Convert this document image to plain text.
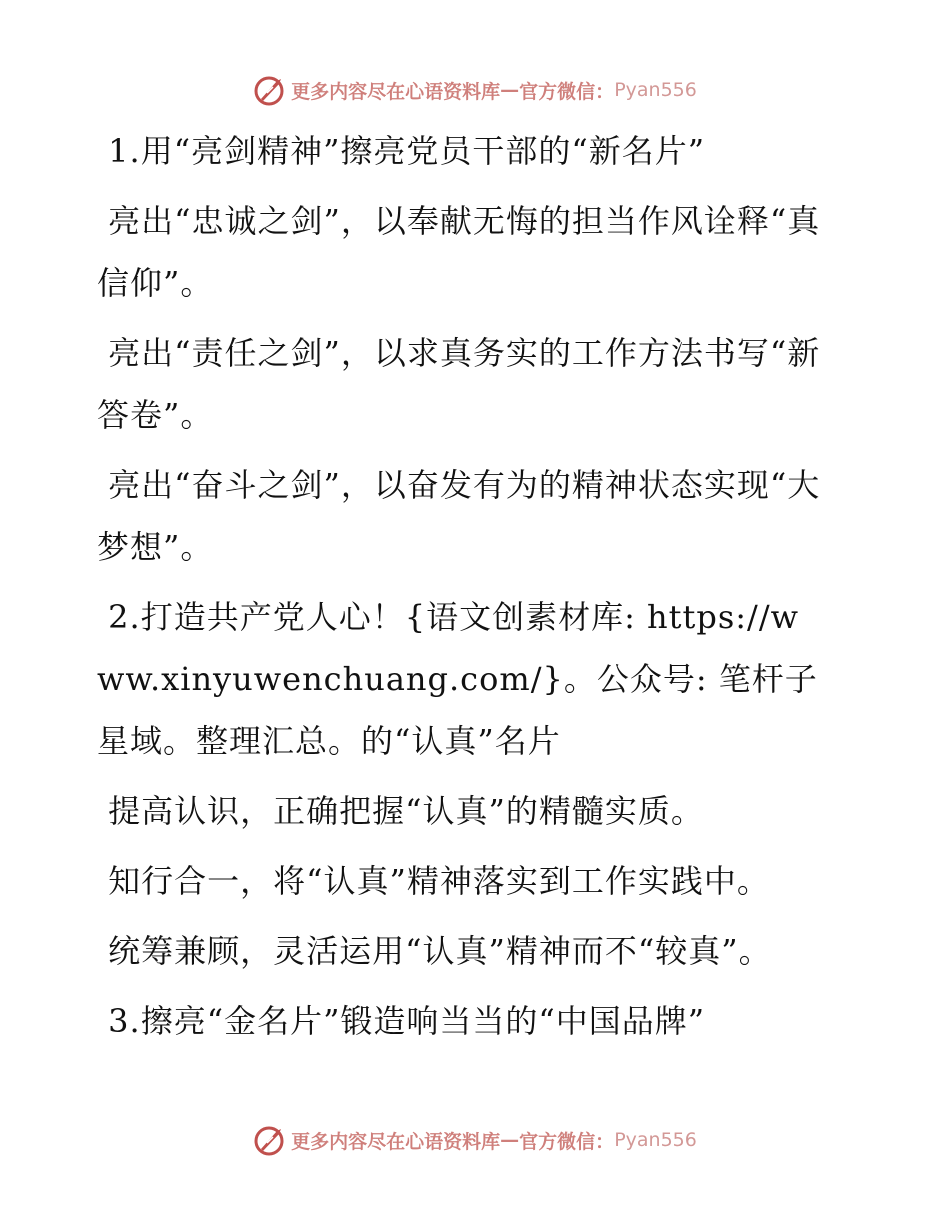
更多内容尽在心语资料库 — 官方微信： Pyan556

1.用“亮剑精神”擦亮党员干部的“新名片”

亮出“忠诚之剑”，以奉献无悔的担当作风诠释“真信仰”。

亮出“责任之剑”，以求真务实的工作方法书写“新答卷”。

亮出“奋斗之剑”，以奋发有为的精神状态实现“大梦想”。

2.打造共产党人心！{语文创素材库: https://www.xinyuwenchuang.com/}。公众号: 笔杆子星域。整理汇总。的“认真”名片

提高认识，正确把握“认真”的精髓实质。

知行合一，将“认真”精神落实到工作实践中。

统筹兼顾，灵活运用“认真”精神而不“较真”。

3.擦亮“金名片”锻造响当当的“中国品牌”

更多内容尽在心语资料库 — 官方微信： Pyan556
